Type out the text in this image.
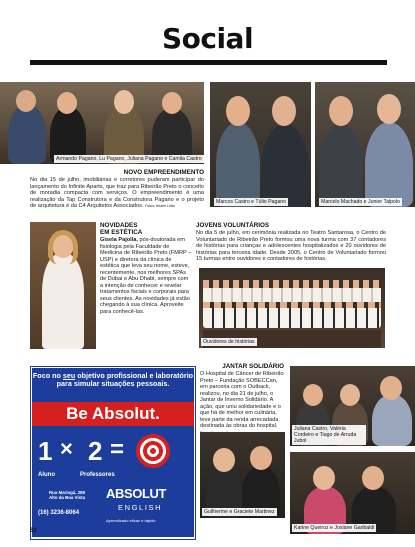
Social
Armando Pagano, Lu Pagano, Juliana Pagano e Camila Castro
Marcos Castro e Túlio Pagano	Marcelo Machado e Junior Talpolo
NOVO EMPREENDIMENTO
No dia 15 de julho, imobiliárias e corretores puderam participar do lançamento do Infinite Aparts, que traz para Ribeirão Preto o conceito de moradia compacta com serviços. O empreendimento é uma realização da Tap Construtora e da Construtora Pagano e o projeto de arquitetura é da C4 Arquitetos Associados. Fotos: Ibraim Leão
NOVIDADES
EM ESTÉTICA
Gisela Pajolla, pós-doutorada em fisiologia pela Faculdade de Medicina de Ribeirão Preto (FMRP – USP) e diretora da clínica de estética que leva seu nome, esteve, recentemente, nos melhores SPAs de Dubai e Abu Dhabi, sempre com a intenção de conhecer e revelar tratamentos faciais e corporais para seus clientes. As novidades já estão chegando à sua clínica. Aproveite para conhecê-las.
JOVENS VOLUNTÁRIOS
No dia 5 de julho, em cerimônia realizada no Teatro Santarosa, o Centro de Voluntariado de Ribeirão Preto formou uma nova turma com 37 contadores de histórias para crianças e adolescentes hospitalizados e 20 ouvidores de histórias para terceira idade. Desde 2005, o Centro de Voluntariado formou 15 turmas entre ouvidores e contadores de histórias.
Ouvidores de histórias
Foco no seu objetivo profissional e laboratório para simular situações pessoais.
Be Absolut.
1 × 2 =
Aluno	Professores
Rua Maringá, 289
Alto da Boa Vista
(16) 3236-8064
ABSOLUT
ENGLISH
Aprendizado eficaz e rápido
JANTAR SOLIDÁRIO
O Hospital de Câncer de Ribeirão Preto – Fundação SOBECCan, em parceria com o Outback, realizou, no dia 21 de julho, o Jantar de Inverno Solidário. A ação, que uniu solidariedade e o que há de melhor em culinária, teve parte da renda arrecadada destinada às obras do hospital.	Juliana Castro, Valéria Cordeiro e Tiago de Arruda Jubol
Guilherme e Graciete Martinez
Karine Queiroz e Josiane Garibaldi
62
